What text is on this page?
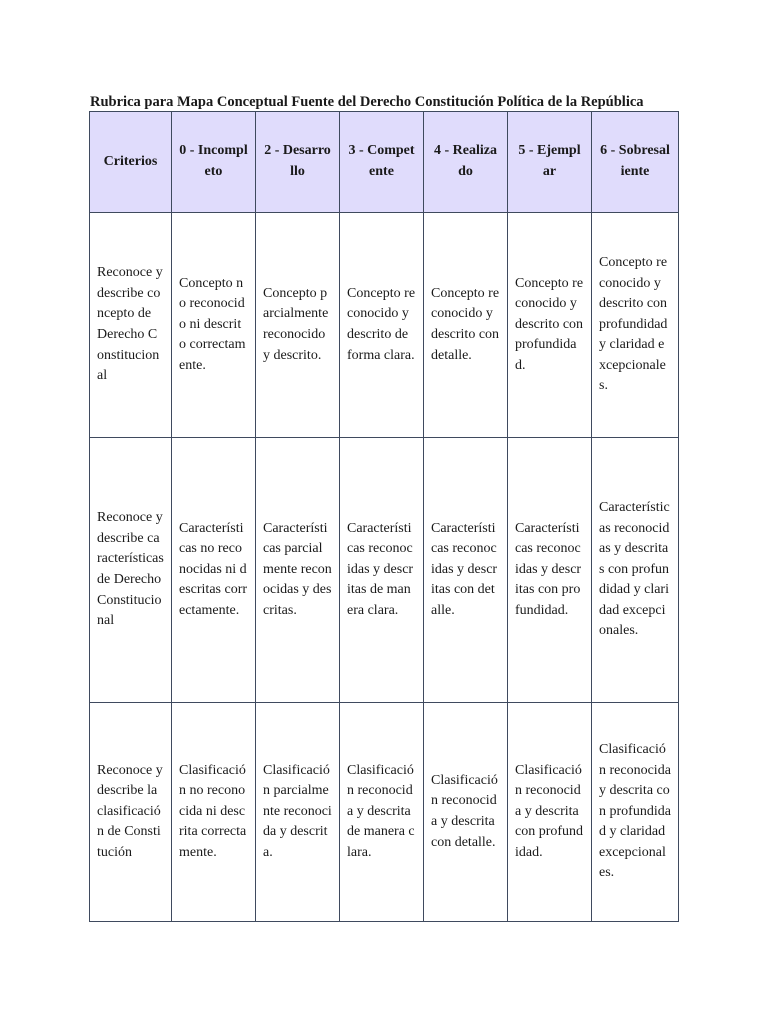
Rubrica para Mapa Conceptual Fuente del Derecho Constitución Política de la República
Criterios	0 - Incompleto	2 - Desarrollo	3 - Competente	4 - Realizado	5 - Ejemplar	6 - Sobresaliente
Reconoce y describe concepto de Derecho Constitucional	Concepto no reconocido ni descrito correctamente.	Concepto parcialmente reconocido y descrito.	Concepto reconocido y descrito de forma clara.	Concepto reconocido y descrito con detalle.	Concepto reconocido y descrito con profundidad.	Concepto reconocido y descrito con profundidad y claridad excepcionales.
Reconoce y describe características de Derecho Constitucional	Características no reconocidas ni descritas correctamente.	Características parcialmente reconocidas y descritas.	Características reconocidas y descritas de manera clara.	Características reconocidas y descritas con detalle.	Características reconocidas y descritas con profundidad.	Características reconocidas y descritas con profundidad y claridad excepcionales.
Reconoce y describe la clasificación de Constitución	Clasificación no reconocida ni descrita correctamente.	Clasificación parcialmente reconocida y descrita.	Clasificación reconocida y descrita de manera clara.	Clasificación reconocida y descrita con detalle.	Clasificación reconocida y descrita con profundidad.	Clasificación reconocida y descrita con profundidad y claridad excepcionales.
